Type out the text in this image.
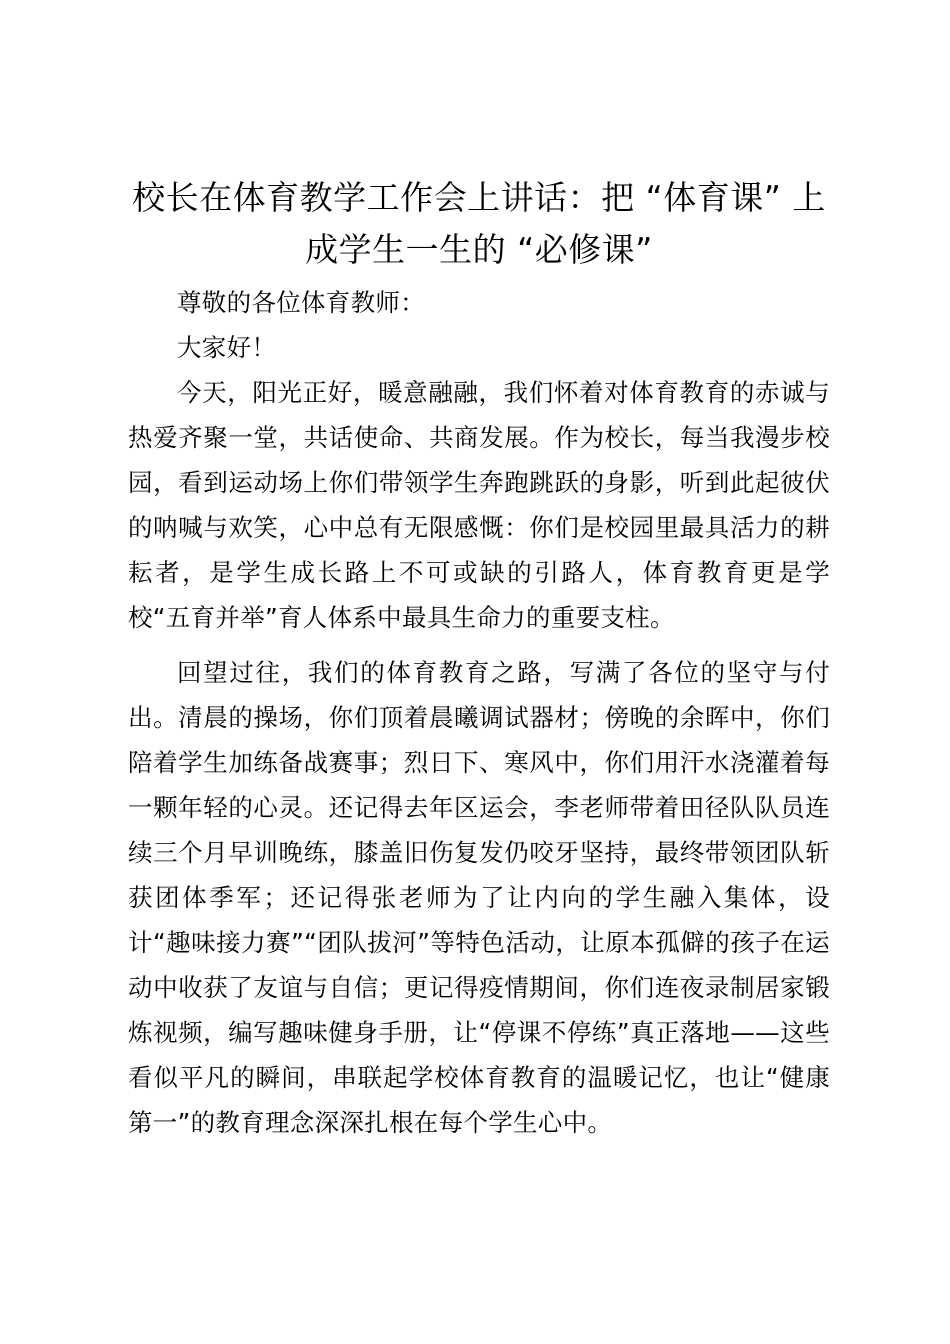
校长在体育教学工作会上讲话：把 “体育课” 上成学生一生的 “必修课”

尊敬的各位体育教师：

大家好！

今天，阳光正好，暖意融融，我们怀着对体育教育的赤诚与热爱齐聚一堂，共话使命、共商发展。作为校长，每当我漫步校园，看到运动场上你们带领学生奔跑跳跃的身影，听到此起彼伏的呐喊与欢笑，心中总有无限感慨：你们是校园里最具活力的耕耘者，是学生成长路上不可或缺的引路人，体育教育更是学校“五育并举”育人体系中最具生命力的重要支柱。

回望过往，我们的体育教育之路，写满了各位的坚守与付出。清晨的操场，你们顶着晨曦调试器材；傍晚的余晖中，你们陪着学生加练备战赛事；烈日下、寒风中，你们用汗水浇灌着每一颗年轻的心灵。还记得去年区运会，李老师带着田径队队员连续三个月早训晚练，膝盖旧伤复发仍咬牙坚持，最终带领团队斩获团体季军；还记得张老师为了让内向的学生融入集体，设计“趣味接力赛”“团队拔河”等特色活动，让原本孤僻的孩子在运动中收获了友谊与自信；更记得疫情期间，你们连夜录制居家锻炼视频，编写趣味健身手册，让“停课不停练”真正落地——这些看似平凡的瞬间，串联起学校体育教育的温暖记忆，也让“健康第一”的教育理念深深扎根在每个学生心中。
